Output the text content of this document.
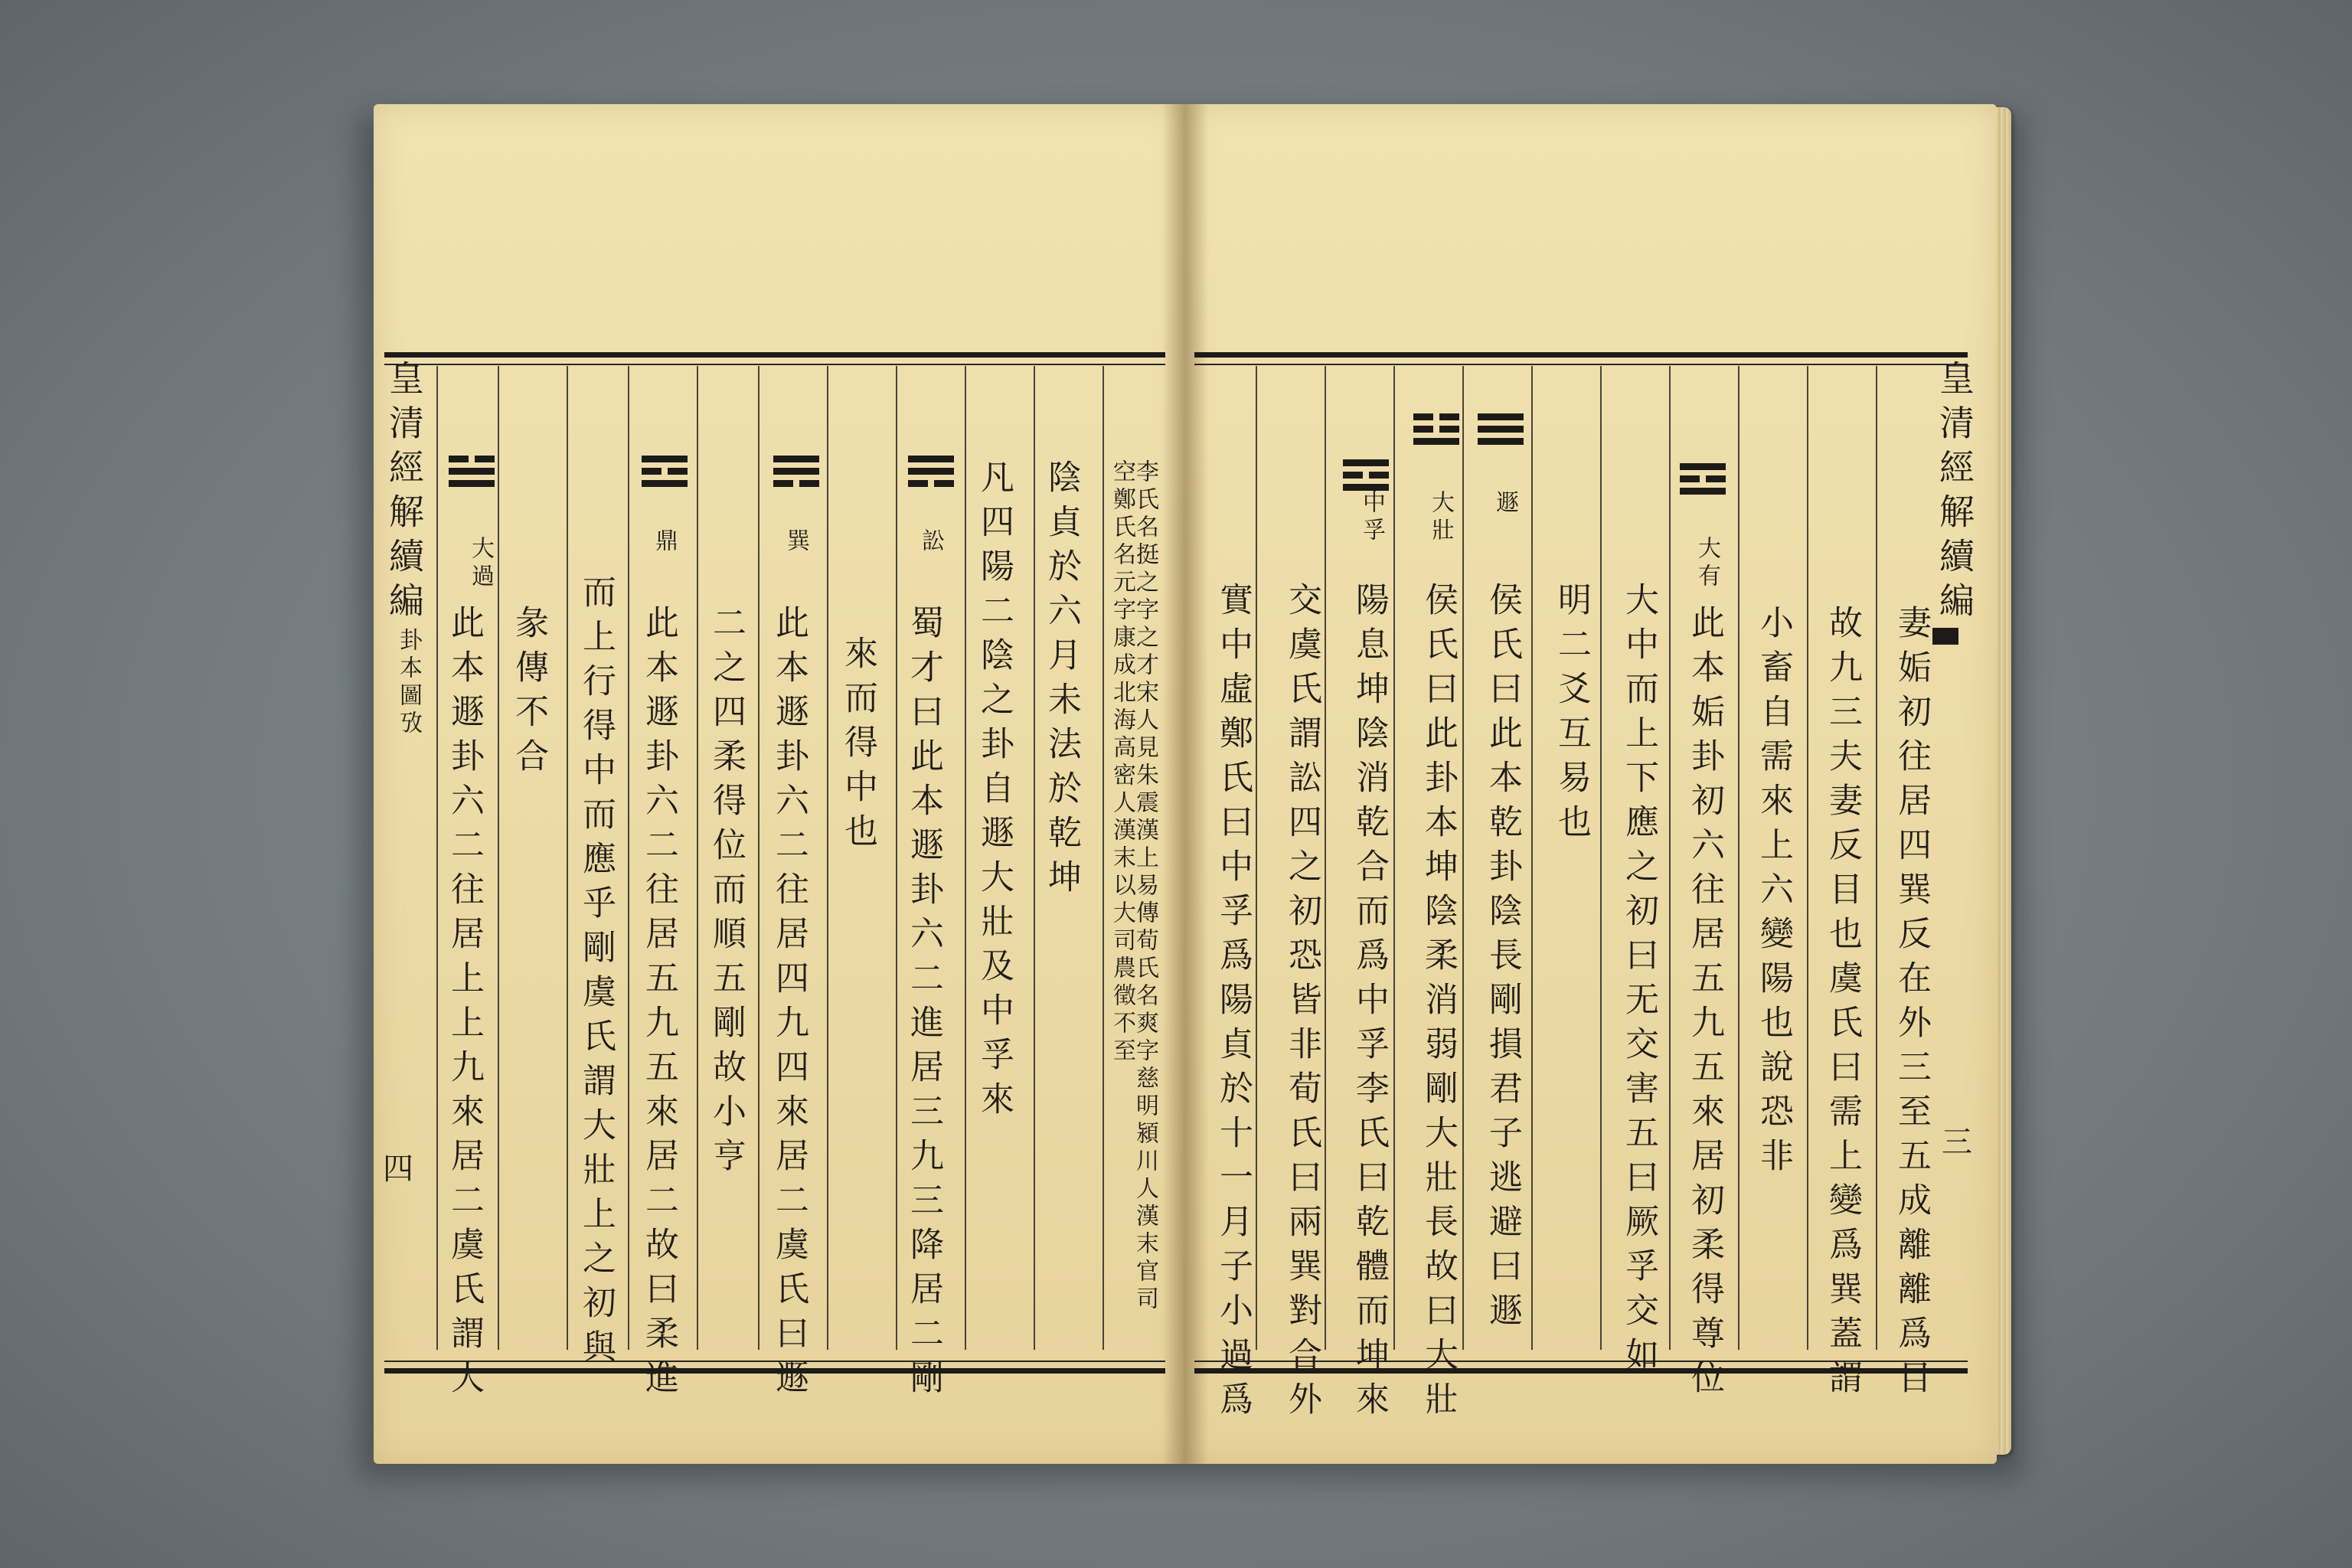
皇清經解續編
卦本圖攷
四
大過
此本遯卦六二往居上上九來居二虞氏謂大 彖傳不合 而上行得中而應乎剛虞氏謂大壯上之初與
鼎
此本遯卦六二往居五九五來居二故曰柔進 二之四柔得位而順五剛故小亨
巽
此本遯卦六二往居四九四來居二虞氏曰遯 來而得中也
訟
蜀才曰此本遯卦六二進居三九三降居二剛 凡四陽二陰之卦自遯大壯及中孚來 陰貞於六月未法於乾坤	李氏名挺之字之才宋人見朱震漢上易傳荀氏名爽字慈明潁川人漢末官司空鄭氏名元字康成北海高密人漢末以大司農徵不至	實中虛鄭氏曰中孚爲陽貞於十一月子小過爲 交虞氏謂訟四之初恐皆非荀氏曰兩巽對合外
中孚
陽息坤陰消乾合而爲中孚李氏曰乾體而坤來
大壯
侯氏曰此卦本坤陰柔消弱剛大壯長故曰大壯
遯
侯氏曰此本乾卦陰長剛損君子逃避曰遯 明二爻互易也 大中而上下應之初曰无交害五曰厥孚交如
大有
此本姤卦初六往居五九五來居初柔得尊位 小畜自需來上六變陽也說恐非 故九三夫妻反目也虞氏曰需上變爲巽蓋謂 妻姤初往居四巽反在外三至五成離離爲目
皇清經解續編
三
